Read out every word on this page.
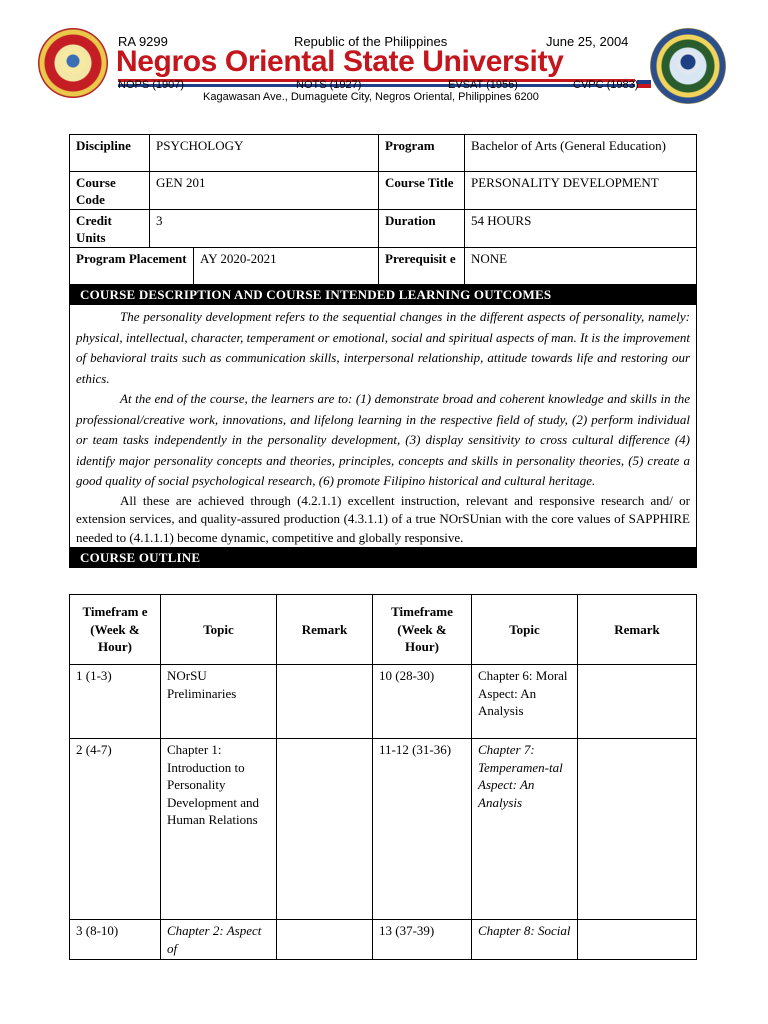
RA 9299	Republic of the Philippines	June 25, 2004
Negros Oriental State University
NOPS (1907)	NOTS (1927)	EVSAT (1956)	CVPC (1983)
Kagawasan Ave., Dumaguete City, Negros Oriental, Philippines 6200
Discipline	PSYCHOLOGY		Program	Bachelor of Arts (General Education)
Course Code	GEN 201		Course Title	PERSONALITY DEVELOPMENT
Credit Units	3		Duration	54 HOURS
Program Placement		AY 2020-2021	Prerequisit e	NONE
COURSE DESCRIPTION AND COURSE INTENDED LEARNING OUTCOMES				

The personality development refers to the sequential changes in the different aspects of personality, namely: physical, intellectual, character, temperament or emotional, social and spiritual aspects of man. It is the improvement of behavioral traits such as communication skills, interpersonal relationship, attitude towards life and restoring our ethics.

At the end of the course, the learners are to: (1) demonstrate broad and coherent knowledge and skills in the professional/creative work, innovations, and lifelong learning in the respective field of study, (2) perform individual or team tasks independently in the personality development, (3) display sensitivity to cross cultural difference (4) identify major personality concepts and theories, principles, concepts and skills in personality theories, (5) create a good quality of social psychological research, (6) promote Filipino historical and cultural heritage.

All these are achieved through (4.2.1.1) excellent instruction, relevant and responsive research and/ or extension services, and quality-assured production (4.3.1.1) of a true NOrSUnian with the core values of SAPPHIRE needed to (4.1.1.1) become dynamic, competitive and globally responsive.				

COURSE OUTLINE				
Timefram e (Week & Hour)	Topic	Remark	Timeframe (Week & Hour)	Topic	Remark
1 (1-3)	NOrSU Preliminaries		10 (28-30)	Chapter 6: Moral Aspect: An Analysis	
2 (4-7)	Chapter 1: Introduction to Personality Development and Human Relations		11-12 (31-36)	Chapter 7: Temperamen-tal Aspect: An Analysis	
3 (8-10)	Chapter 2: Aspect of		13 (37-39)	Chapter 8: Social	
